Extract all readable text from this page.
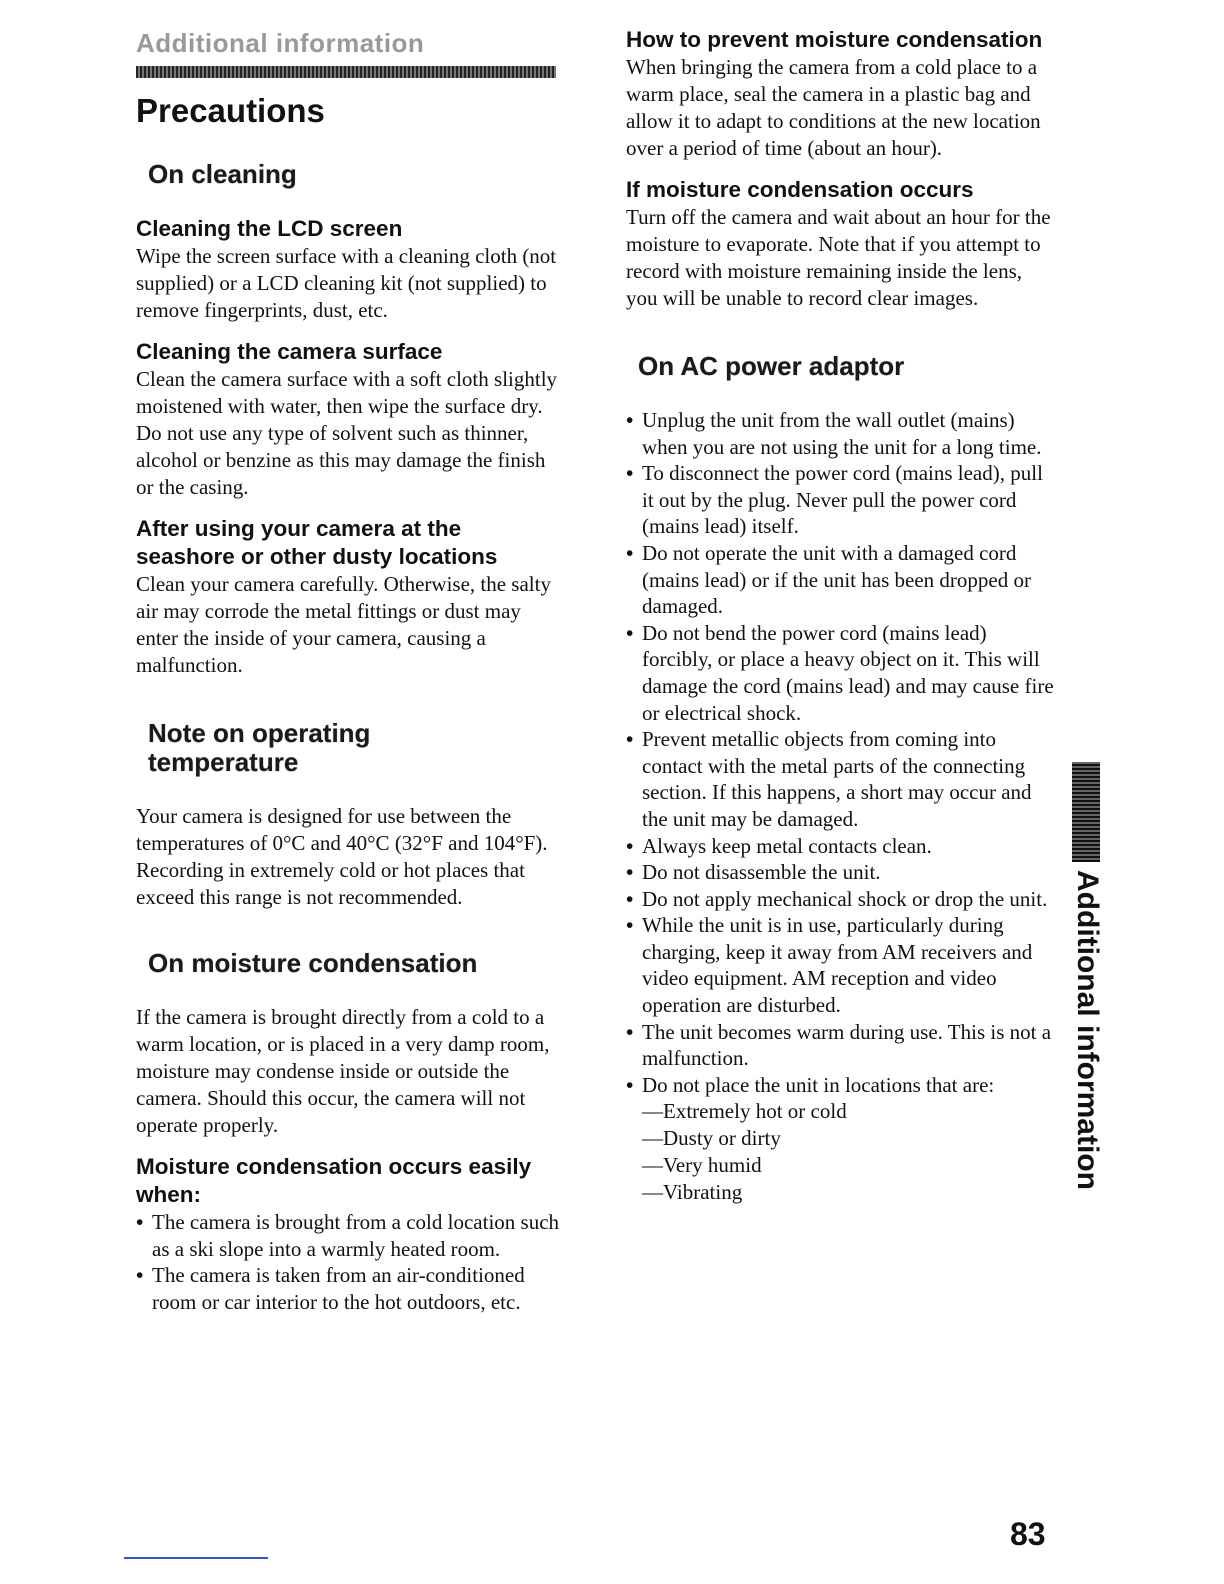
Additional information
Precautions
On cleaning
Cleaning the LCD screen

Wipe the screen surface with a cleaning cloth (not supplied) or a LCD cleaning kit (not supplied) to remove fingerprints, dust, etc.

Cleaning the camera surface

Clean the camera surface with a soft cloth slightly moistened with water, then wipe the surface dry. Do not use any type of solvent such as thinner, alcohol or benzine as this may damage the finish or the casing.

After using your camera at the seashore or other dusty locations

Clean your camera carefully. Otherwise, the salty air may corrode the metal fittings or dust may enter the inside of your camera, causing a malfunction.

Note on operating temperature

Your camera is designed for use between the temperatures of 0°C and 40°C (32°F and 104°F). Recording in extremely cold or hot places that exceed this range is not recommended.

On moisture condensation

If the camera is brought directly from a cold to a warm location, or is placed in a very damp room, moisture may condense inside or outside the camera. Should this occur, the camera will not operate properly.

Moisture condensation occurs easily when:
• The camera is brought from a cold location such as a ski slope into a warmly heated room.
• The camera is taken from an air-conditioned room or car interior to the hot outdoors, etc.
How to prevent moisture condensation

When bringing the camera from a cold place to a warm place, seal the camera in a plastic bag and allow it to adapt to conditions at the new location over a period of time (about an hour).

If moisture condensation occurs

Turn off the camera and wait about an hour for the moisture to evaporate. Note that if you attempt to record with moisture remaining inside the lens, you will be unable to record clear images.

On AC power adaptor
• Unplug the unit from the wall outlet (mains) when you are not using the unit for a long time.
• To disconnect the power cord (mains lead), pull it out by the plug. Never pull the power cord (mains lead) itself.
• Do not operate the unit with a damaged cord (mains lead) or if the unit has been dropped or damaged.
• Do not bend the power cord (mains lead) forcibly, or place a heavy object on it. This will damage the cord (mains lead) and may cause fire or electrical shock.
• Prevent metallic objects from coming into contact with the metal parts of the connecting section. If this happens, a short may occur and the unit may be damaged.
• Always keep metal contacts clean.
• Do not disassemble the unit.
• Do not apply mechanical shock or drop the unit.
• While the unit is in use, particularly during charging, keep it away from AM receivers and video equipment. AM reception and video operation are disturbed.
• The unit becomes warm during use. This is not a malfunction.
• Do not place the unit in locations that are:
— Extremely hot or cold
— Dusty or dirty
— Very humid
— Vibrating
Additional information
83
